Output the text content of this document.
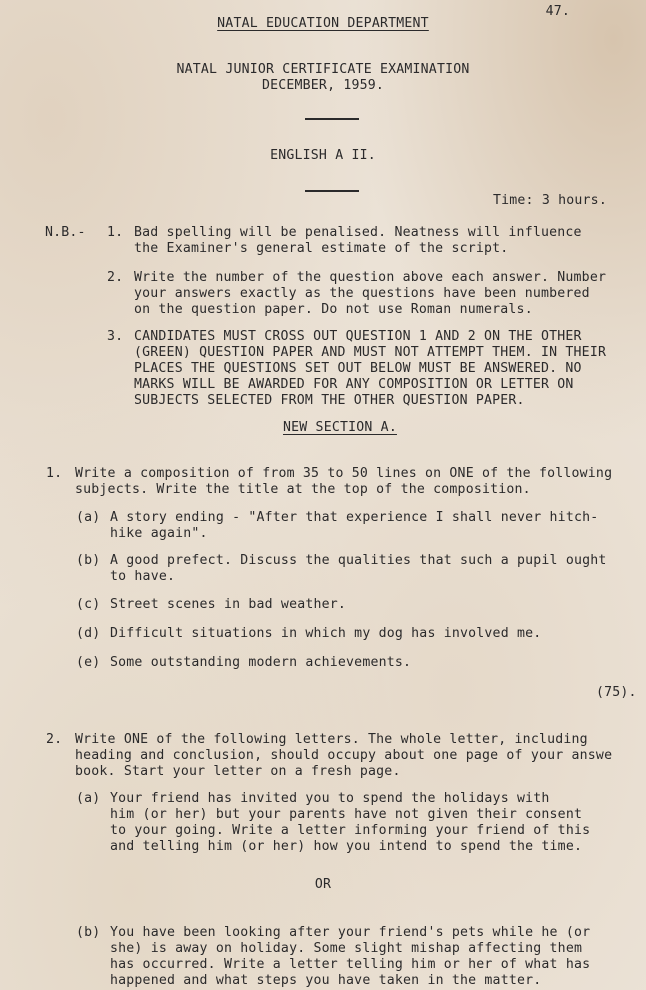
47.

NATAL EDUCATION DEPARTMENT

NATAL JUNIOR CERTIFICATE EXAMINATION

DECEMBER, 1959.

ENGLISH A II.

Time: 3 hours.

N.B.- 1. Bad spelling will be penalised. Neatness will influence

the Examiner's general estimate of the script.

2. Write the number of the question above each answer. Number

your answers exactly as the questions have been numbered

on the question paper. Do not use Roman numerals.

3. CANDIDATES MUST CROSS OUT QUESTION 1 AND 2 ON THE OTHER

(GREEN) QUESTION PAPER AND MUST NOT ATTEMPT THEM. IN THEIR

PLACES THE QUESTIONS SET OUT BELOW MUST BE ANSWERED. NO

MARKS WILL BE AWARDED FOR ANY COMPOSITION OR LETTER ON

SUBJECTS SELECTED FROM THE OTHER QUESTION PAPER.

NEW SECTION A.

1. Write a composition of from 35 to 50 lines on ONE of the following

subjects. Write the title at the top of the composition.

(a) A story ending - "After that experience I shall never hitch-

hike again".

(b) A good prefect. Discuss the qualities that such a pupil ought

to have.

(c) Street scenes in bad weather.

(d) Difficult situations in which my dog has involved me.

(e) Some outstanding modern achievements.

(75).

2. Write ONE of the following letters. The whole letter, including

heading and conclusion, should occupy about one page of your answe

book. Start your letter on a fresh page.

(a) Your friend has invited you to spend the holidays with

him (or her) but your parents have not given their consent

to your going. Write a letter informing your friend of this

and telling him (or her) how you intend to spend the time.

OR

(b) You have been looking after your friend's pets while he (or

she) is away on holiday. Some slight mishap affecting them

has occurred. Write a letter telling him or her of what has

happened and what steps you have taken in the matter.
